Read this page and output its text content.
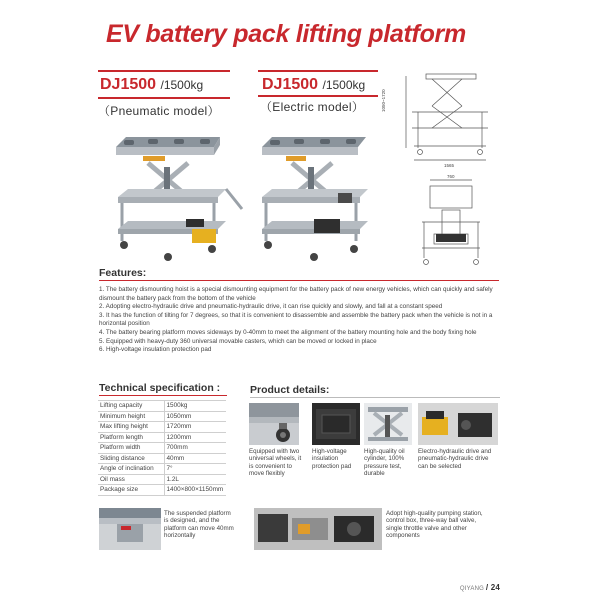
EV battery pack lifting platform
DJ1500 /1500kg
（Pneumatic model）
DJ1500 /1500kg
（Electric model）	1050~1720
1565
760
Features:
1. The battery dismounting hoist is a special dismounting equipment for the battery pack of new energy vehicles, which can quickly and safely dismount the battery pack from the bottom of the vehicle
2. Adopting electro-hydraulic drive and pneumatic-hydraulic drive, it can rise quickly and slowly, and fall at a constant speed
3. It has the function of tilting for 7 degrees, so that it is convenient to disassemble and assemble the battery pack when the vehicle is not in a horizontal position
4. The battery bearing platform moves sideways by 0-40mm to meet the alignment of the battery mounting hole and the body fixing hole
5. Equipped with heavy-duty 360 universal movable casters, which can be moved or locked in place
6. High-voltage insulation protection pad
Technical specification :
Lifting capacity	1500kg
Minimum height	1050mm
Max lifting height	1720mm
Platform length	1200mm
Platform width	700mm
Sliding distance	40mm
Angle of inclination	7°
Oil mass	1.2L
Package size	1400×800×1150mm
Product details:
Equipped with two universal wheels, it is convenient to move flexibly
High-voltage insulation protection pad
High-quality oil cylinder, 100% pressure test, durable
Electro-hydraulic drive and pneumatic-hydraulic drive can be selected
The suspended platform is designed, and the platform can move 40mm horizontally
Adopt high-quality pumping station, control box, three-way ball valve, single throttle valve and other components
QIYANG / 24
